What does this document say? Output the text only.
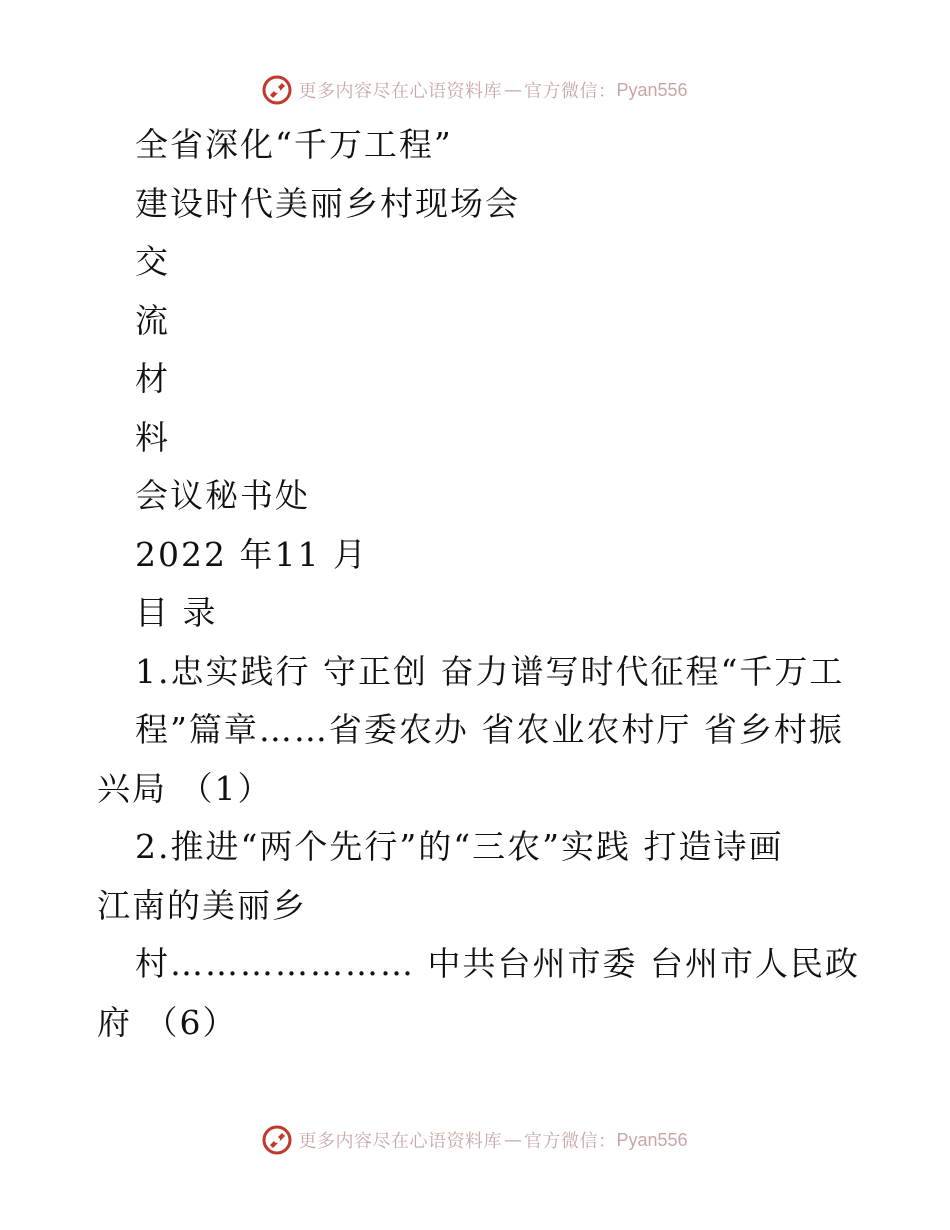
更多内容尽在心语资料库 — 官方微信： Pyan556
全省深化“千万工程”
建设时代美丽乡村现场会
交
流
材
料
会议秘书处
2022 年11 月
目 录
1.忠实践行 守正创 奋力谱写时代征程“千万工
程”篇章……省委农办 省农业农村厅 省乡村振
兴局 （1）
2.推进“两个先行”的“三农”实践 打造诗画
江南的美丽乡
村………………… 中共台州市委 台州市人民政
府 （6）
更多内容尽在心语资料库 — 官方微信： Pyan556
